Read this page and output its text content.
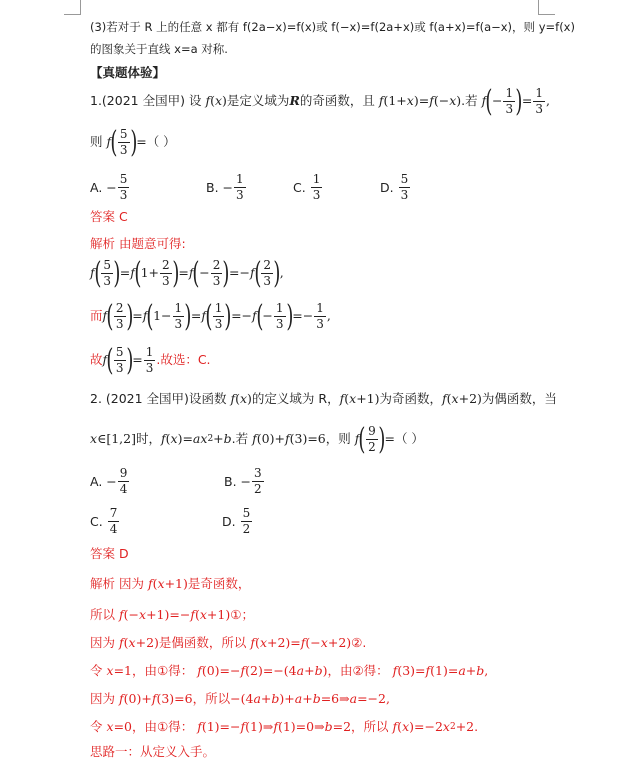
(3)若对于 R 上的任意 x 都有 f(2a−x)=f(x)或 f(−x)=f(2a+x)或 f(a+x)=f(a−x)，则 y=f(x)
的图象关于直线 x=a 对称.
【真题体验】
1.(2021 全国甲) 设
f ( x ) 是定义域为 R 的奇函数，且
f (1+ x )= f (− x ) .若
f ( −
1
3 ) =
1
3
,
则
f ( 5
3 ) =（ ）
A.
− $\frac{5}{3}$	B.
− $\frac{1}{3}$	C.

1
3	D.

5
3
答案 C
解析 由题意可得:
f ( 5
3 ) = f ( 1+
2
3 ) = f ( −
2
3 ) =− f ( 2
3 ) ,
而 f ( 2
3 ) = f ( 1−
1
3 ) = f ( 1
3 ) =− f ( −
1
3 ) =−
1
3
,
故 f ( 5
3 ) =
1
3
.故选：C.
2. (2021 全国甲)设函数
f ( x ) 的定义域为 R， f ( x +1) 为奇函数， f ( x +2) 为偶函数，当
x ∈[1,2] 时， f ( x )= ax 2 + b .若
f (0)+ f (3)=6 ，则
f ( 9
2 ) =（ ）
A.
− $\frac{9}{4}$	B.
− $\frac{3}{2}$
C.

7
4	D.

5
2
答案 D
解析 因为
f ( x +1) 是奇函数，
所以
f (− x +1)=− f ( x +1) ①；
因为
f ( x +2) 是偶函数，所以
f ( x +2)= f (− x +2) ②.
令
x =1 ，由①得：
f (0)=− f (2)=−(4 a + b ) ，由②得：
f (3)= f (1)= a + b ,
因为
f (0)+ f (3)=6 ，所以 −(4 a + b )+ a + b =6⇒ a =−2,
令
x =0 ，由①得：
f (1)=− f (1)⇒ f (1)=0⇒ b =2 ，所以
f ( x )=−2 x 2 +2.
思路一：从定义入手。
